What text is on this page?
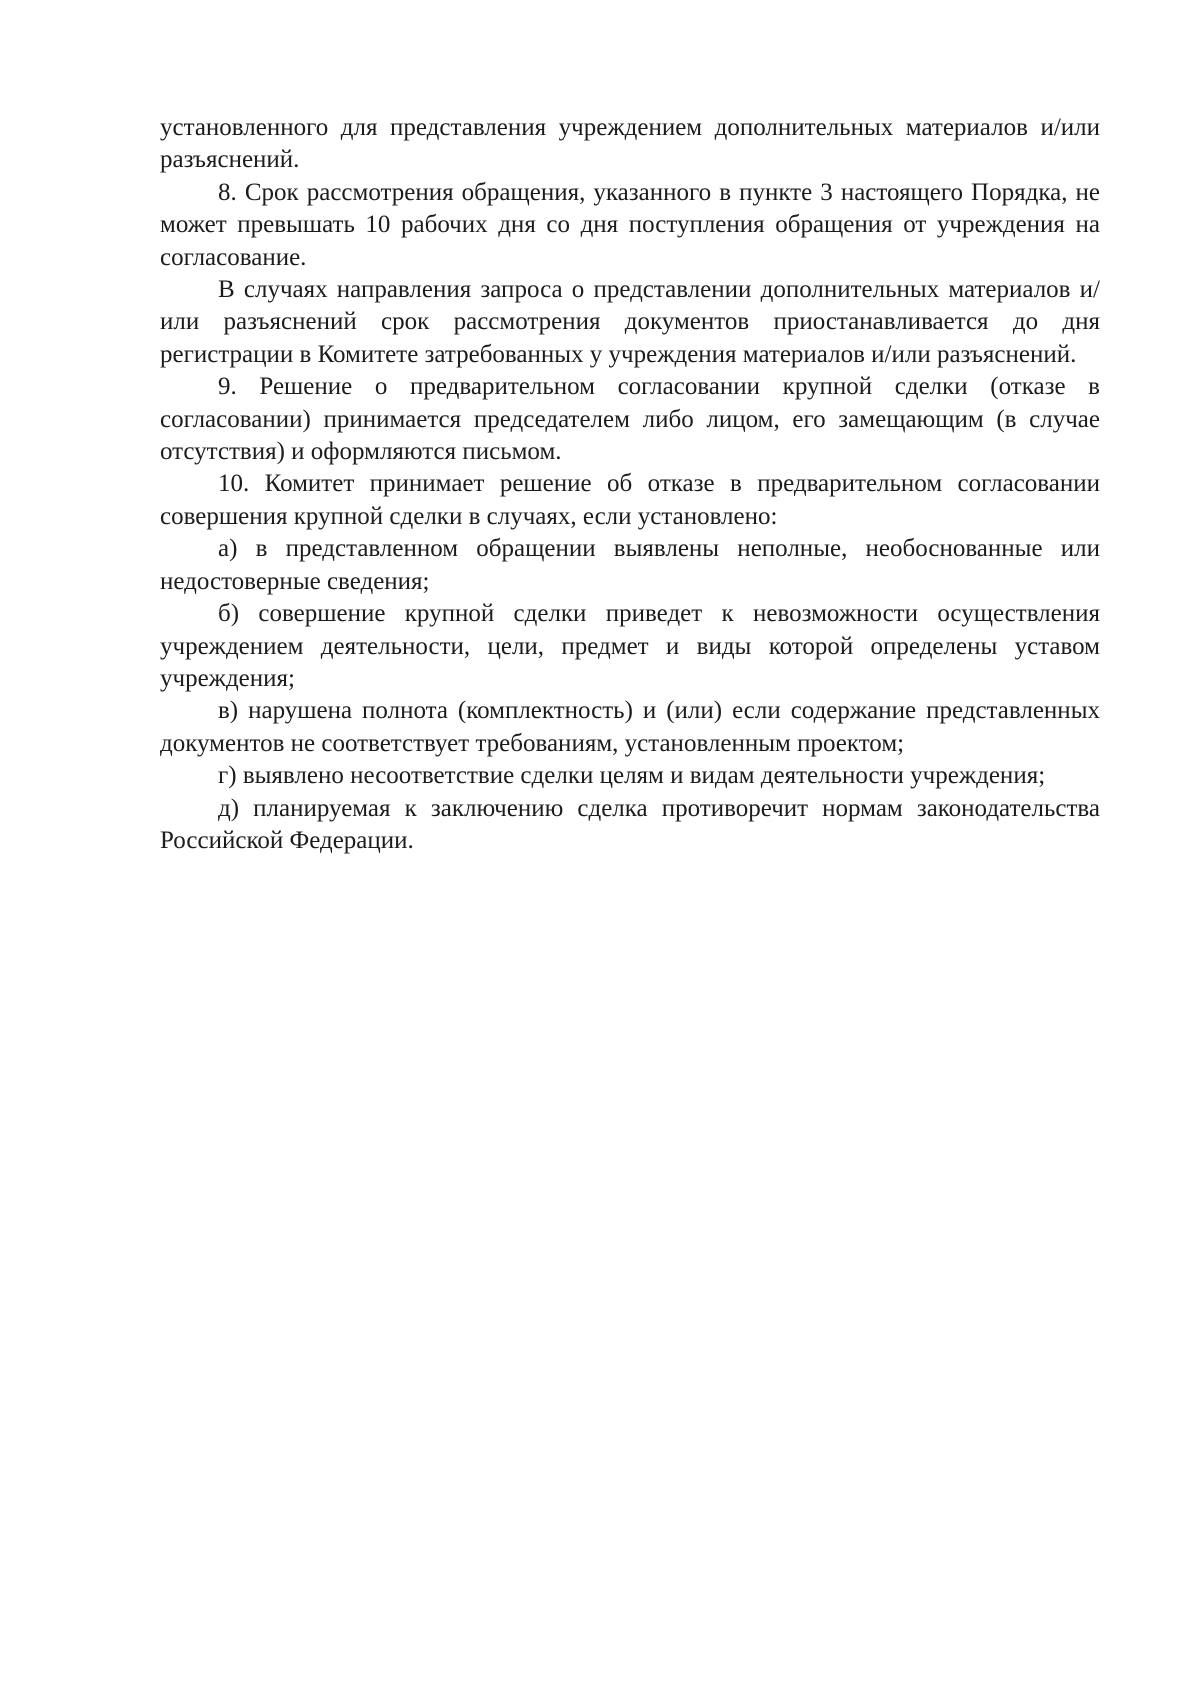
установленного для представления учреждением дополнительных материалов и/или разъяснений.

8. Срок рассмотрения обращения, указанного в пункте 3 настоящего Порядка, не может превышать 10 рабочих дня со дня поступления обращения от учреждения на согласование.

В случаях направления запроса о представлении дополнительных материалов и/или разъяснений срок рассмотрения документов приостанавливается до дня регистрации в Комитете затребованных у учреждения материалов и/или разъяснений.

9. Решение о предварительном согласовании крупной сделки (отказе в согласовании) принимается председателем либо лицом, его замещающим (в случае отсутствия) и оформляются письмом.

10. Комитет принимает решение об отказе в предварительном согласовании совершения крупной сделки в случаях, если установлено:

а) в представленном обращении выявлены неполные, необоснованные или недостоверные сведения;

б) совершение крупной сделки приведет к невозможности осуществления учреждением деятельности, цели, предмет и виды которой определены уставом учреждения;

в) нарушена полнота (комплектность) и (или) если содержание представленных документов не соответствует требованиям, установленным проектом;

г) выявлено несоответствие сделки целям и видам деятельности учреждения;

д) планируемая к заключению сделка противоречит нормам законодательства Российской Федерации.
